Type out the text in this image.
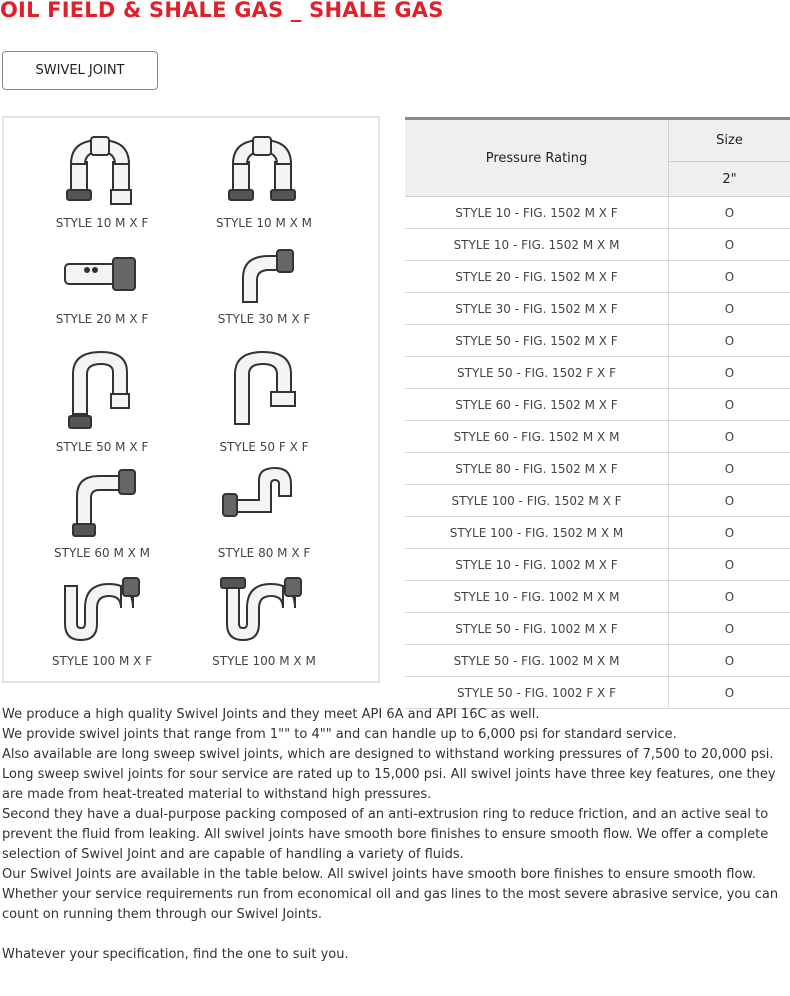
OIL FIELD & SHALE GAS _ SHALE GAS
SWIVEL JOINT
STYLE 10 M X F	STYLE 10 M X M
STYLE 20 M X F	STYLE 30 M X F
STYLE 50 M X F	STYLE 50 F X F
STYLE 60 M X M	STYLE 80 M X F
STYLE 100 M X F	STYLE 100 M X M
Pressure Rating	Size
	2"
STYLE 10 - FIG. 1502 M X F	O
STYLE 10 - FIG. 1502 M X M	O
STYLE 20 - FIG. 1502 M X F	O
STYLE 30 - FIG. 1502 M X F	O
STYLE 50 - FIG. 1502 M X F	O
STYLE 50 - FIG. 1502 F X F	O
STYLE 60 - FIG. 1502 M X F	O
STYLE 60 - FIG. 1502 M X M	O
STYLE 80 - FIG. 1502 M X F	O
STYLE 100 - FIG. 1502 M X F	O
STYLE 100 - FIG. 1502 M X M	O
STYLE 10 - FIG. 1002 M X F	O
STYLE 10 - FIG. 1002 M X M	O
STYLE 50 - FIG. 1002 M X F	O
STYLE 50 - FIG. 1002 M X M	O
STYLE 50 - FIG. 1002 F X F	O

We produce a high quality Swivel Joints and they meet API 6A and API 16C as well.

We provide swivel joints that range from 1"" to 4"" and can handle up to 6,000 psi for standard service.

Also available are long sweep swivel joints, which are designed to withstand working pressures of 7,500 to 20,000 psi.

Long sweep swivel joints for sour service are rated up to 15,000 psi. All swivel joints have three key features, one they are made from heat-treated material to withstand high pressures.

Second they have a dual-purpose packing composed of an anti-extrusion ring to reduce friction, and an active seal to prevent the fluid from leaking. All swivel joints have smooth bore finishes to ensure smooth flow. We offer a complete selection of Swivel Joint and are capable of handling a variety of fluids.

Our Swivel Joints are available in the table below. All swivel joints have smooth bore finishes to ensure smooth flow.

Whether your service requirements run from economical oil and gas lines to the most severe abrasive service, you can count on running them through our Swivel Joints.

Whatever your specification, find the one to suit you.
